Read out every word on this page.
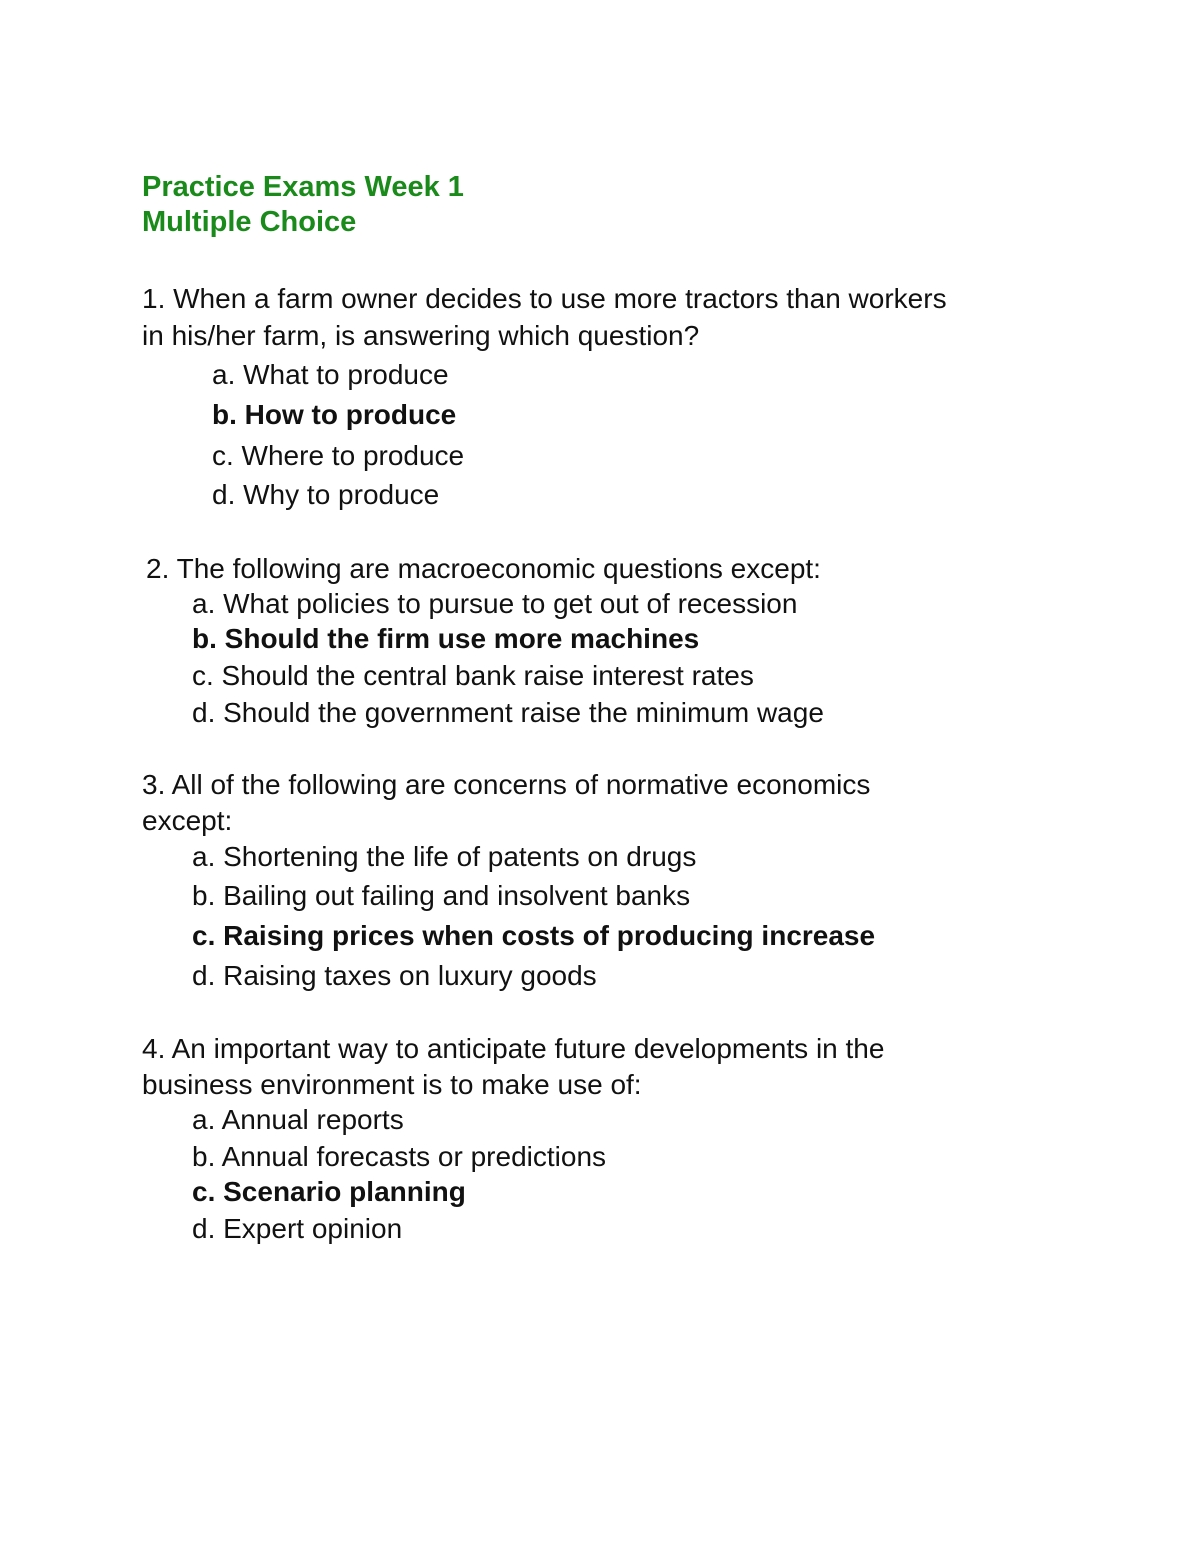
Practice Exams Week 1
Multiple Choice
1. When a farm owner decides to use more tractors than workers
in his/her farm, is answering which question?
a. What to produce
b. How to produce
c. Where to produce
d. Why to produce
2. The following are macroeconomic questions except:
a. What policies to pursue to get out of recession
b. Should the firm use more machines
c. Should the central bank raise interest rates
d. Should the government raise the minimum wage
3. All of the following are concerns of normative economics
except:
a. Shortening the life of patents on drugs
b. Bailing out failing and insolvent banks
c. Raising prices when costs of producing increase
d. Raising taxes on luxury goods
4. An important way to anticipate future developments in the
business environment is to make use of:
a. Annual reports
b. Annual forecasts or predictions
c. Scenario planning
d. Expert opinion
